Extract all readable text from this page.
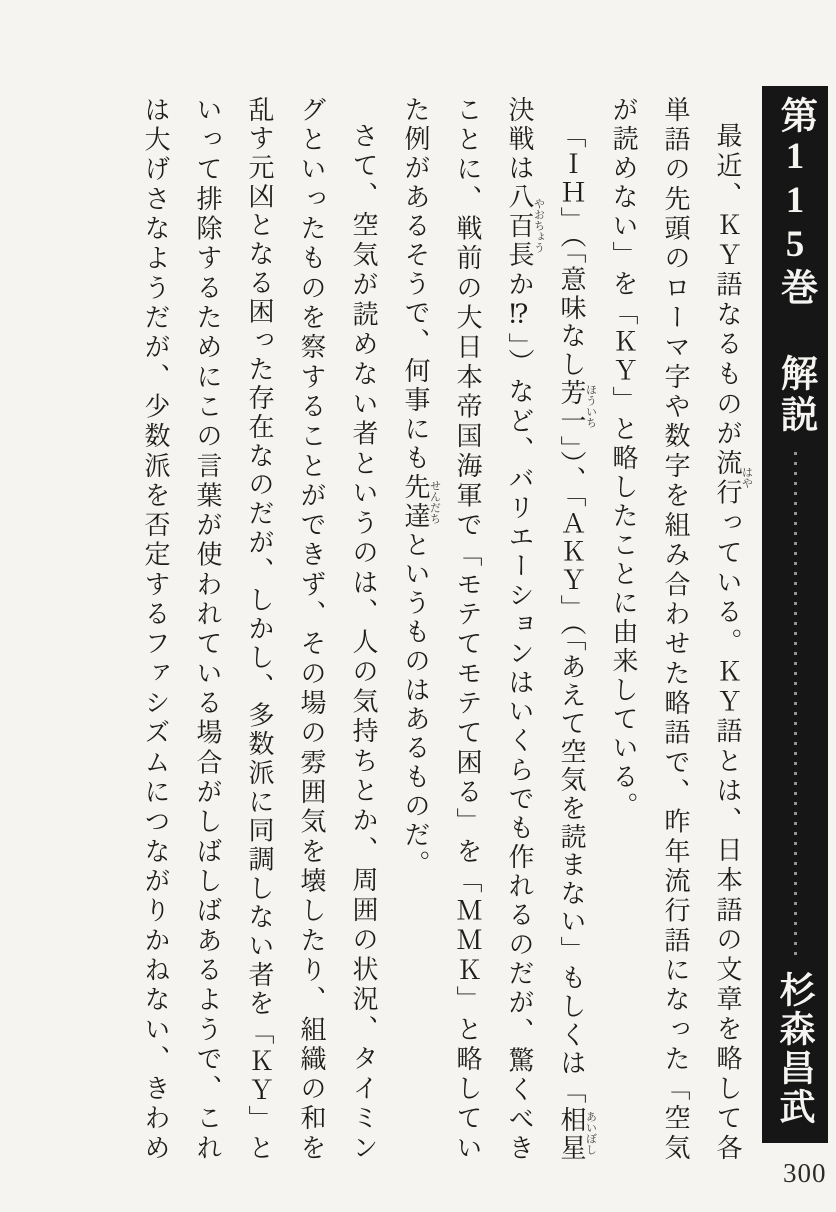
第115巻
解説
杉森昌武
最近、ＫＹ語なるものが流行はやっている。ＫＹ語とは、日本語の文章を略して各
単語の先頭のローマ字や数字を組み合わせた略語で、昨年流行語になった「空気
が読めない」を「ＫＹ」と略したことに由来している。
「ＩＨ」（「意味なし芳一ほういち」）、「ＡＫＹ」（「あえて空気を読まない」もしくは「相星あいぼし
決戦は八百長やおちょうか⁉」）など、バリエーションはいくらでも作れるのだが、驚くべき
ことに、戦前の大日本帝国海軍で「モテてモテて困る」を「ＭＭＫ」と略してい
た例があるそうで、何事にも先達せんだちというものはあるものだ。
さて、空気が読めない者というのは、人の気持ちとか、周囲の状況、タイミン
グといったものを察することができず、その場の雰囲気を壊したり、組織の和を
乱す元凶となる困った存在なのだが、しかし、多数派に同調しない者を「ＫＹ」と
いって排除するためにこの言葉が使われている場合がしばしばあるようで、これ
は大げさなようだが、少数派を否定するファシズムにつながりかねない、きわめ
300
